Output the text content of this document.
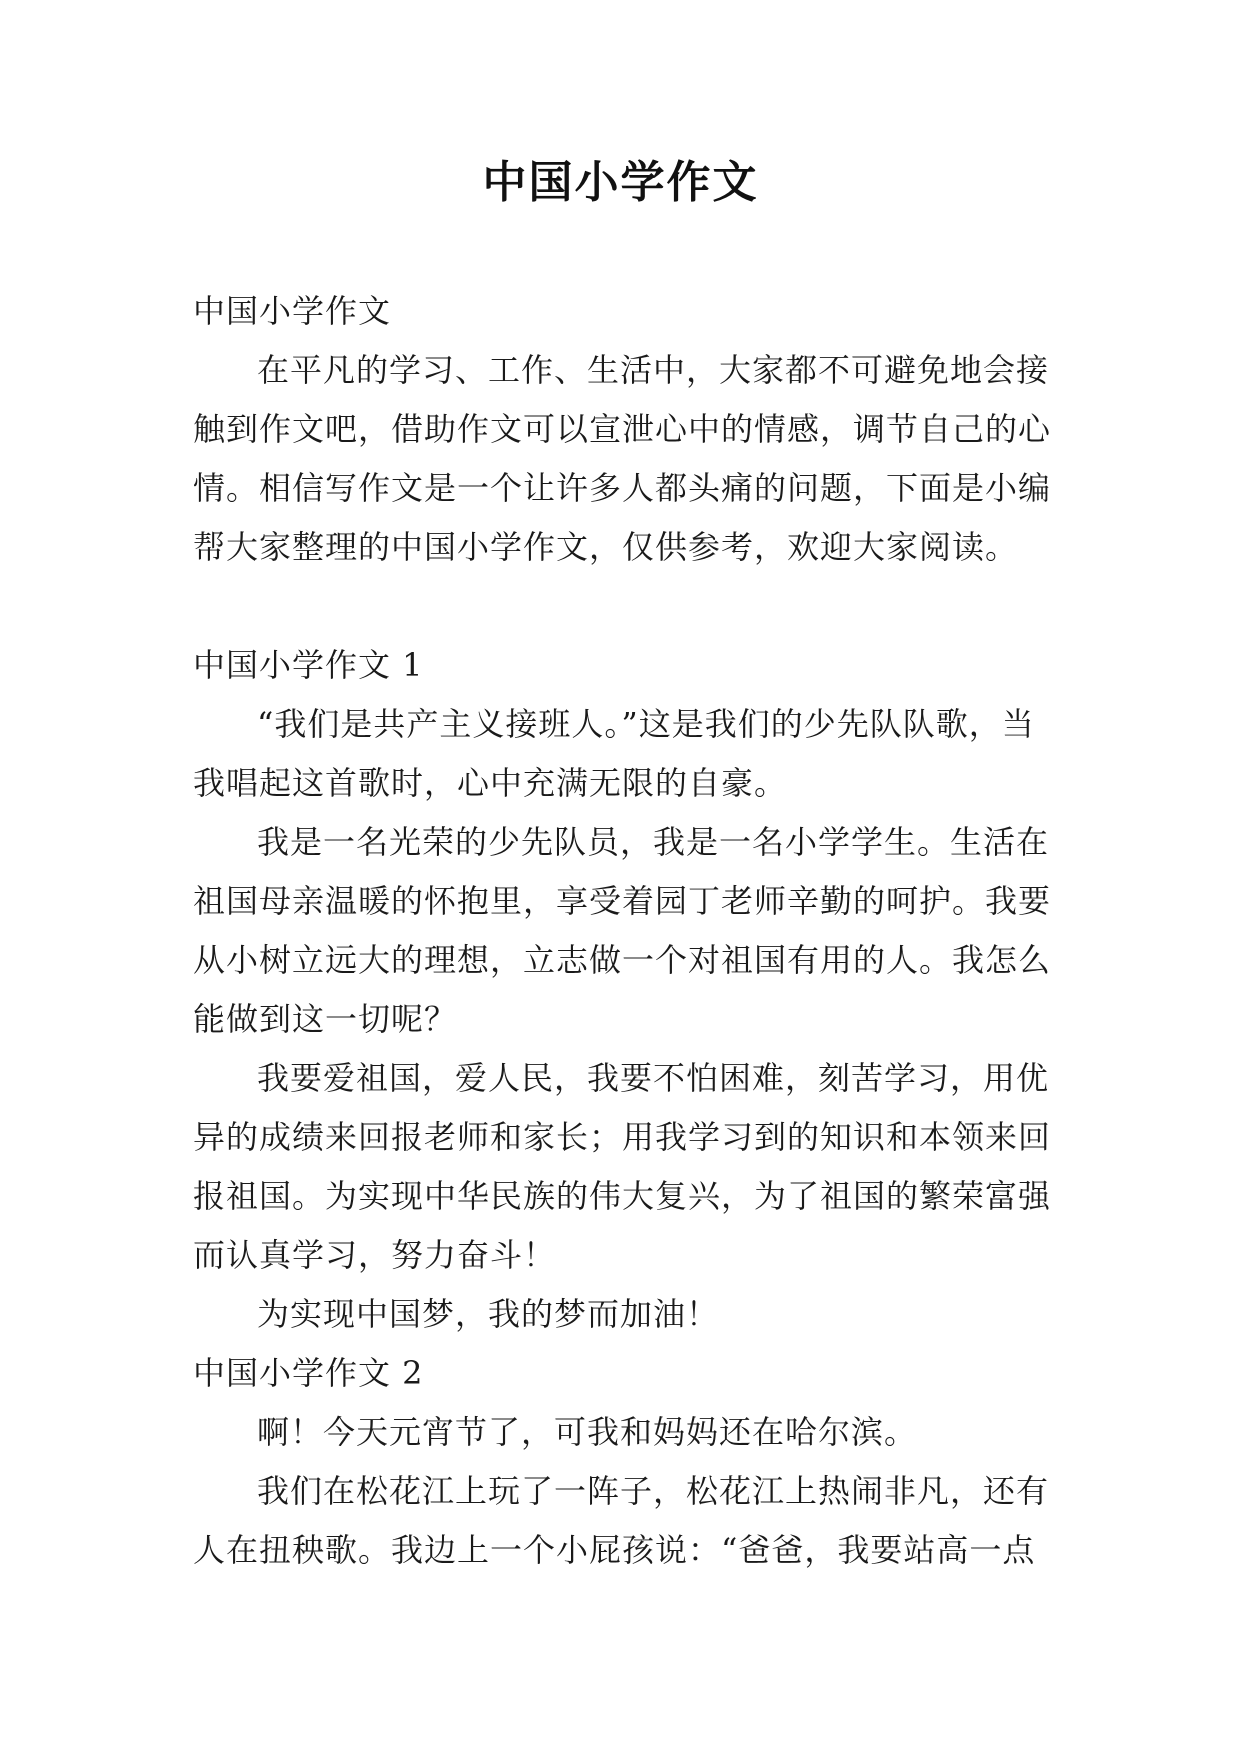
中国小学作文

中国小学作文

在平凡的学习、工作、生活中，大家都不可避免地会接触到作文吧，借助作文可以宣泄心中的情感，调节自己的心情。相信写作文是一个让许多人都头痛的问题，下面是小编帮大家整理的中国小学作文，仅供参考，欢迎大家阅读。

中国小学作文 1

“我们是共产主义接班人。”这是我们的少先队队歌，当我唱起这首歌时，心中充满无限的自豪。

我是一名光荣的少先队员，我是一名小学学生。生活在祖国母亲温暖的怀抱里，享受着园丁老师辛勤的呵护。我要从小树立远大的理想，立志做一个对祖国有用的人。我怎么能做到这一切呢？

我要爱祖国，爱人民，我要不怕困难，刻苦学习，用优异的成绩来回报老师和家长；用我学习到的知识和本领来回报祖国。为实现中华民族的伟大复兴，为了祖国的繁荣富强而认真学习，努力奋斗！

为实现中国梦，我的梦而加油！

中国小学作文 2

啊！今天元宵节了，可我和妈妈还在哈尔滨。

我们在松花江上玩了一阵子，松花江上热闹非凡，还有人在扭秧歌。我边上一个小屁孩说：“爸爸，我要站高一点
